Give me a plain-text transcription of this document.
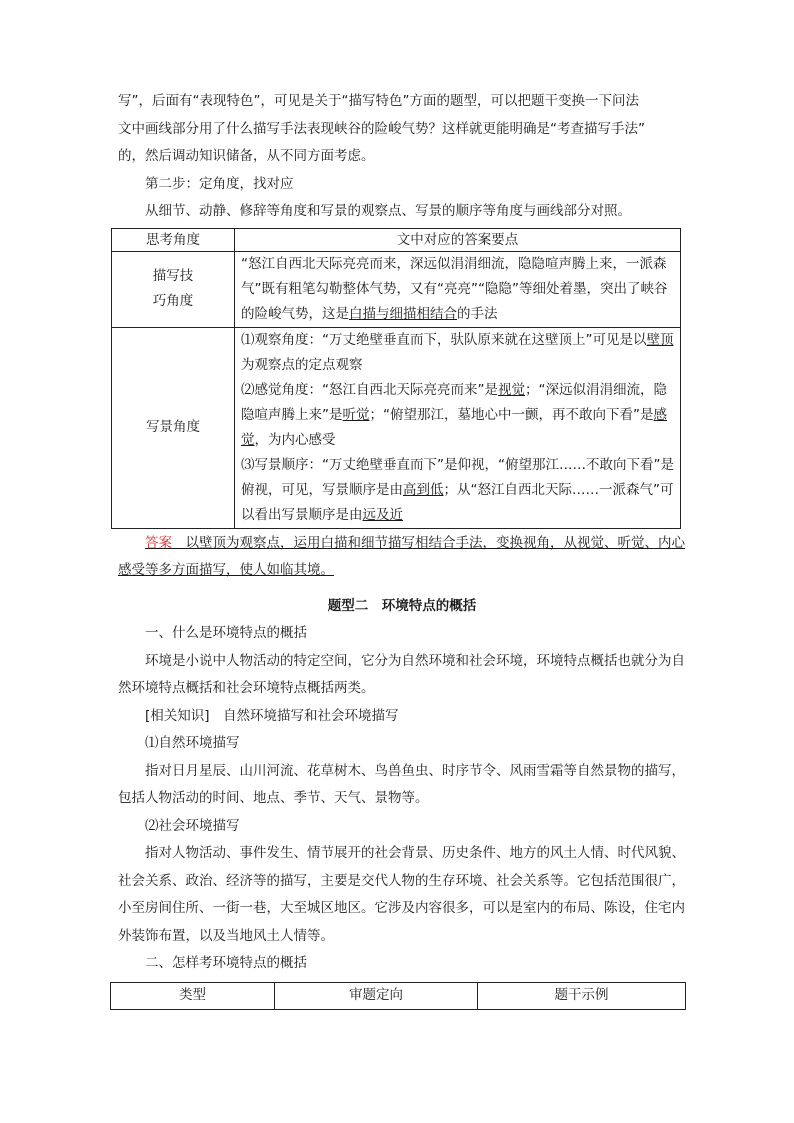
写”，后面有“表现特色”，可见是关于“描写特色”方面的题型，可以把题干变换一下问法

文中画线部分用了什么描写手法表现峡谷的险峻气势？这样就更能明确是“考查描写手法”

的，然后调动知识储备，从不同方面考虑。

第二步：定角度，找对应

从细节、动静、修辞等角度和写景的观察点、写景的顺序等角度与画线部分对照。

思考角度	文中对应的答案要点

描写技
巧角度	“怒江自西北天际亮亮而来，深远似涓涓细流，隐隐喧声腾上来，一派森气”既有粗笔勾勒整体气势，又有“亮亮”“隐隐”等细处着墨，突出了峡谷的险峻气势，这是白描与细描相结合的手法
写景角度	⑴观察角度：“万丈绝壁垂直而下，驮队原来就在这壁顶上”可见是以壁顶为观察点的定点观察
⑵感觉角度：“怒江自西北天际亮亮而来”是视觉；“深远似涓涓细流，隐隐喧声腾上来”是听觉；“俯望那江，墓地心中一颤，再不敢向下看”是感觉，为内心感受
⑶写景顺序：“万丈绝壁垂直而下”是仰视，“俯望那江……不敢向下看”是俯视，可见，写景顺序是由高到低；从“怒江自西北天际……一派森气”可以看出写景顺序是由远及近

答案　 以壁顶为观察点，运用白描和细节描写相结合手法，变换视角，从视觉、听觉、内心感受等多方面描写，使人如临其境。

题型二　环境特点的概括

一、什么是环境特点的概括

环境是小说中人物活动的特定空间，它分为自然环境和社会环境，环境特点概括也就分为自然环境特点概括和社会环境特点概括两类。

[相关知识]　自然环境描写和社会环境描写

⑴自然环境描写

指对日月星辰、山川河流、花草树木、鸟兽鱼虫、时序节令、风雨雪霜等自然景物的描写，包括人物活动的时间、地点、季节、天气、景物等。

⑵社会环境描写

指对人物活动、事件发生、情节展开的社会背景、历史条件、地方的风土人情、时代风貌、社会关系、政治、经济等的描写，主要是交代人物的生存环境、社会关系等。它包括范围很广，小至房间住所、一街一巷，大至城区地区。它涉及内容很多，可以是室内的布局、陈设，住宅内外装饰布置，以及当地风土人情等。

二、怎样考环境特点的概括

类型	审题定向	题干示例
